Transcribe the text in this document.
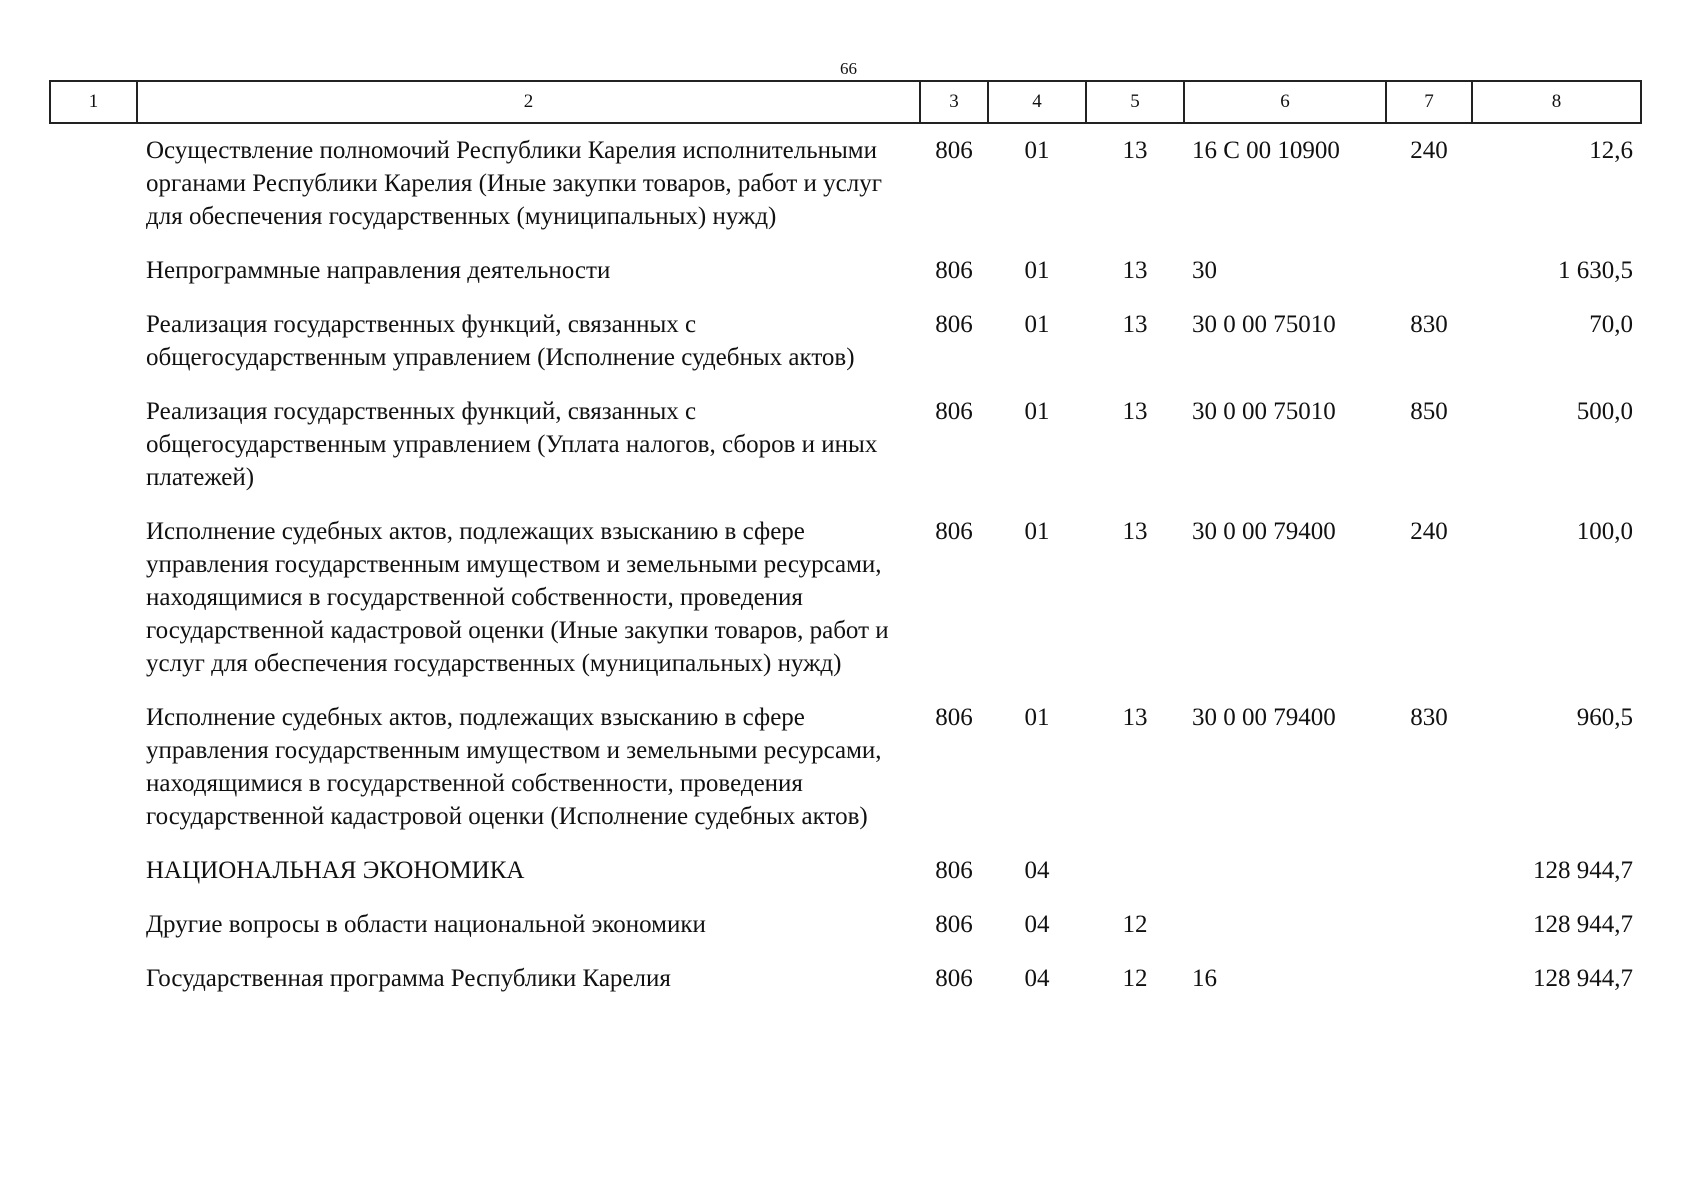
66
1	2	3	4	5	6	7	8
	Осуществление полномочий Республики Карелия исполнительными органами Республики Карелия (Иные закупки товаров, работ и услуг для обеспечения государственных (муниципальных) нужд)	806	01	13	16 С 00 10900	240	12,6
	Непрограммные направления деятельности	806	01	13	30		1 630,5
	Реализация государственных функций, связанных с общегосударственным управлением (Исполнение судебных актов)	806	01	13	30 0 00 75010	830	70,0
	Реализация государственных функций, связанных с общегосударственным управлением (Уплата налогов, сборов и иных платежей)	806	01	13	30 0 00 75010	850	500,0
	Исполнение судебных актов, подлежащих взысканию в сфере управления государственным имуществом и земельными ресурсами, находящимися в государственной собственности, проведения государственной кадастровой оценки (Иные закупки товаров, работ и услуг для обеспечения государственных (муниципальных) нужд)	806	01	13	30 0 00 79400	240	100,0
	Исполнение судебных актов, подлежащих взысканию в сфере управления государственным имуществом и земельными ресурсами, находящимися в государственной собственности, проведения государственной кадастровой оценки (Исполнение судебных актов)	806	01	13	30 0 00 79400	830	960,5
	НАЦИОНАЛЬНАЯ ЭКОНОМИКА	806	04				128 944,7
	Другие вопросы в области национальной экономики	806	04	12			128 944,7
	Государственная программа Республики Карелия	806	04	12	16		128 944,7
